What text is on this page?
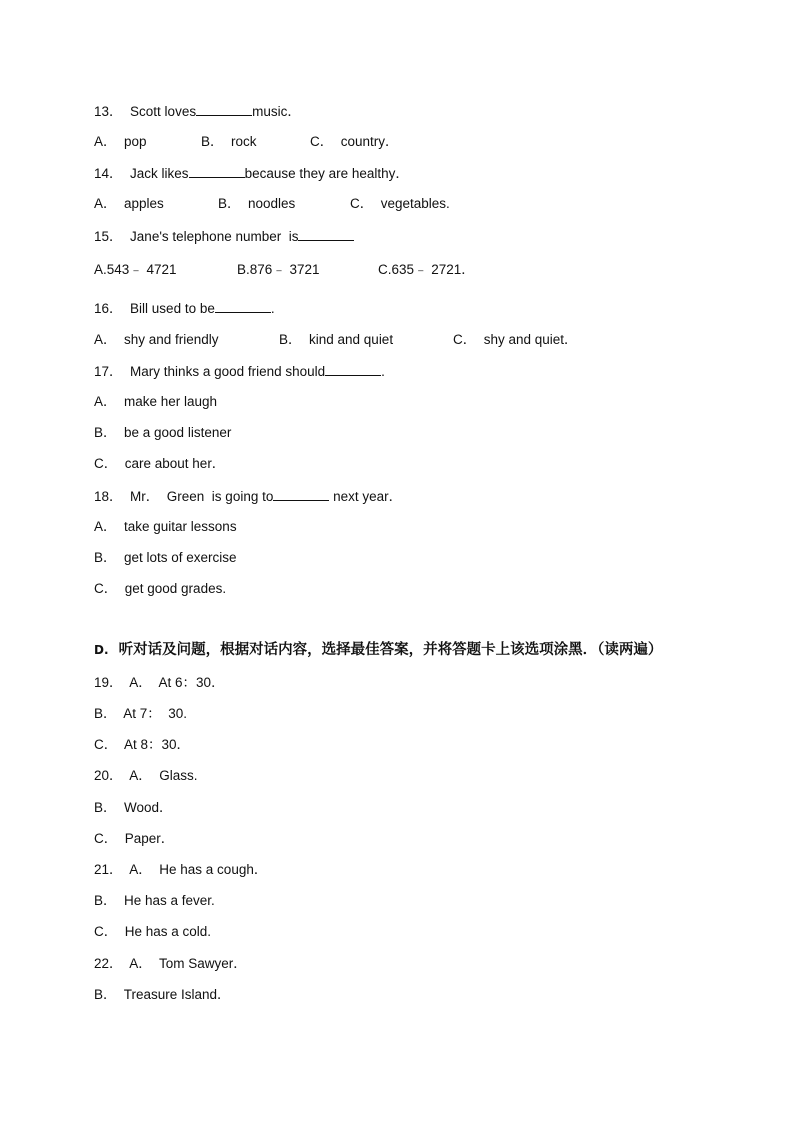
13． Scott loves	music．
A．  pop	B．  rock	C．  country．
14． Jack likes	because they are healthy．
A．  apples	B．  noodles	C．  vegetables.
15． Jane's telephone number  is
A.543﹣ 4721	B.876﹣ 3721	C.635﹣ 2721．
16． Bill used to be	.
A．  shy and friendly	B．  kind and quiet	C．  shy and quiet．
17． Mary thinks a good friend should	.
A．  make her laugh
B．  be a good listener
C．  care about her．
18． Mr．  Green  is going to	next year．
A．  take guitar lessons
B．  get lots of exercise
C．  get good grades.
D. 听对话及问题，根据对话内容，选择最佳答案，并将答题卡上该选项涂黑．（读两遍）
19．  A．  At 6：30．
B．  At 7：  30.
C．  At 8：30．
20．  A．  Glass.
B．  Wood．
C．  Paper．
21．  A．  He has a cough．
B．  He has a fever.
C．  He has a cold.
22．  A．  Tom Sawyer．
B．  Treasure Island．
